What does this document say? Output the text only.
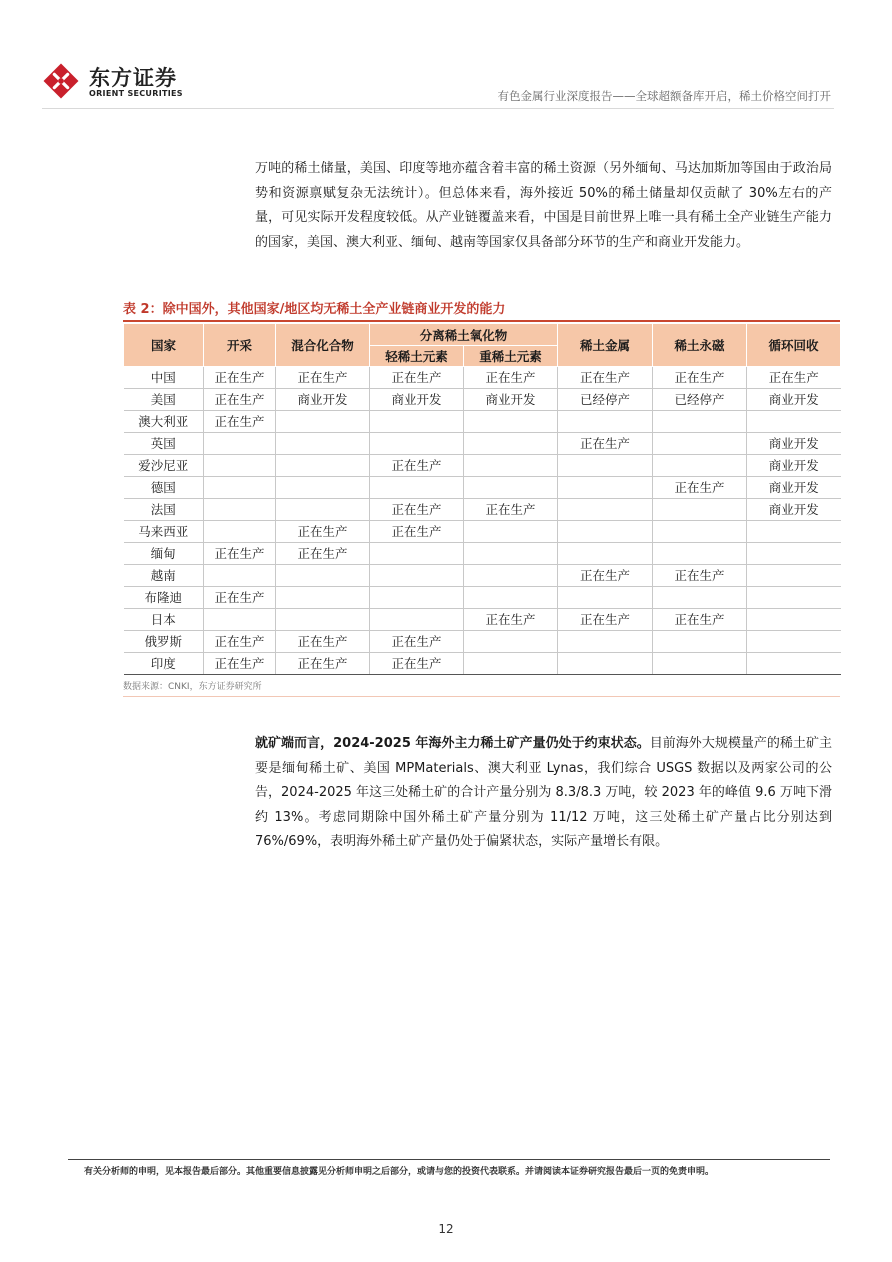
东方证券
ORIENT SECURITIES	有色金属行业深度报告——全球超额备库开启，稀土价格空间打开
万吨的稀土储量，美国、印度等地亦蕴含着丰富的稀土资源（另外缅甸、马达加斯加等国由于政治局势和资源禀赋复杂无法统计）。但总体来看，海外接近 50%的稀土储量却仅贡献了 30%左右的产量，可见实际开发程度较低。从产业链覆盖来看，中国是目前世界上唯一具有稀土全产业链生产能力的国家，美国、澳大利亚、缅甸、越南等国家仅具备部分环节的生产和商业开发能力。
表 2：除中国外，其他国家/地区均无稀土全产业链商业开发的能力
国家	开采	混合化合物	分离稀土氧化物		稀土金属	稀土永磁	循环回收
			轻稀土元素	重稀土元素			
中国	正在生产	正在生产	正在生产	正在生产	正在生产	正在生产	正在生产
美国	正在生产	商业开发	商业开发	商业开发	已经停产	已经停产	商业开发
澳大利亚	正在生产						
英国					正在生产		商业开发
爱沙尼亚			正在生产				商业开发
德国						正在生产	商业开发
法国			正在生产	正在生产			商业开发
马来西亚		正在生产	正在生产				
缅甸	正在生产	正在生产					
越南					正在生产	正在生产	
布隆迪	正在生产						
日本				正在生产	正在生产	正在生产	
俄罗斯	正在生产	正在生产	正在生产				
印度	正在生产	正在生产	正在生产				
数据来源：CNKI，东方证券研究所
就矿端而言，2024-2025 年海外主力稀土矿产量仍处于约束状态。目前海外大规模量产的稀土矿主要是缅甸稀土矿、美国 MPMaterials、澳大利亚 Lynas，我们综合 USGS 数据以及两家公司的公告，2024-2025 年这三处稀土矿的合计产量分别为 8.3/8.3 万吨，较 2023 年的峰值 9.6 万吨下滑约 13%。考虑同期除中国外稀土矿产量分别为 11/12 万吨，这三处稀土矿产量占比分别达到 76%/69%，表明海外稀土矿产量仍处于偏紧状态，实际产量增长有限。
有关分析师的申明，见本报告最后部分。其他重要信息披露见分析师申明之后部分，或请与您的投资代表联系。并请阅读本证券研究报告最后一页的免责申明。
12
